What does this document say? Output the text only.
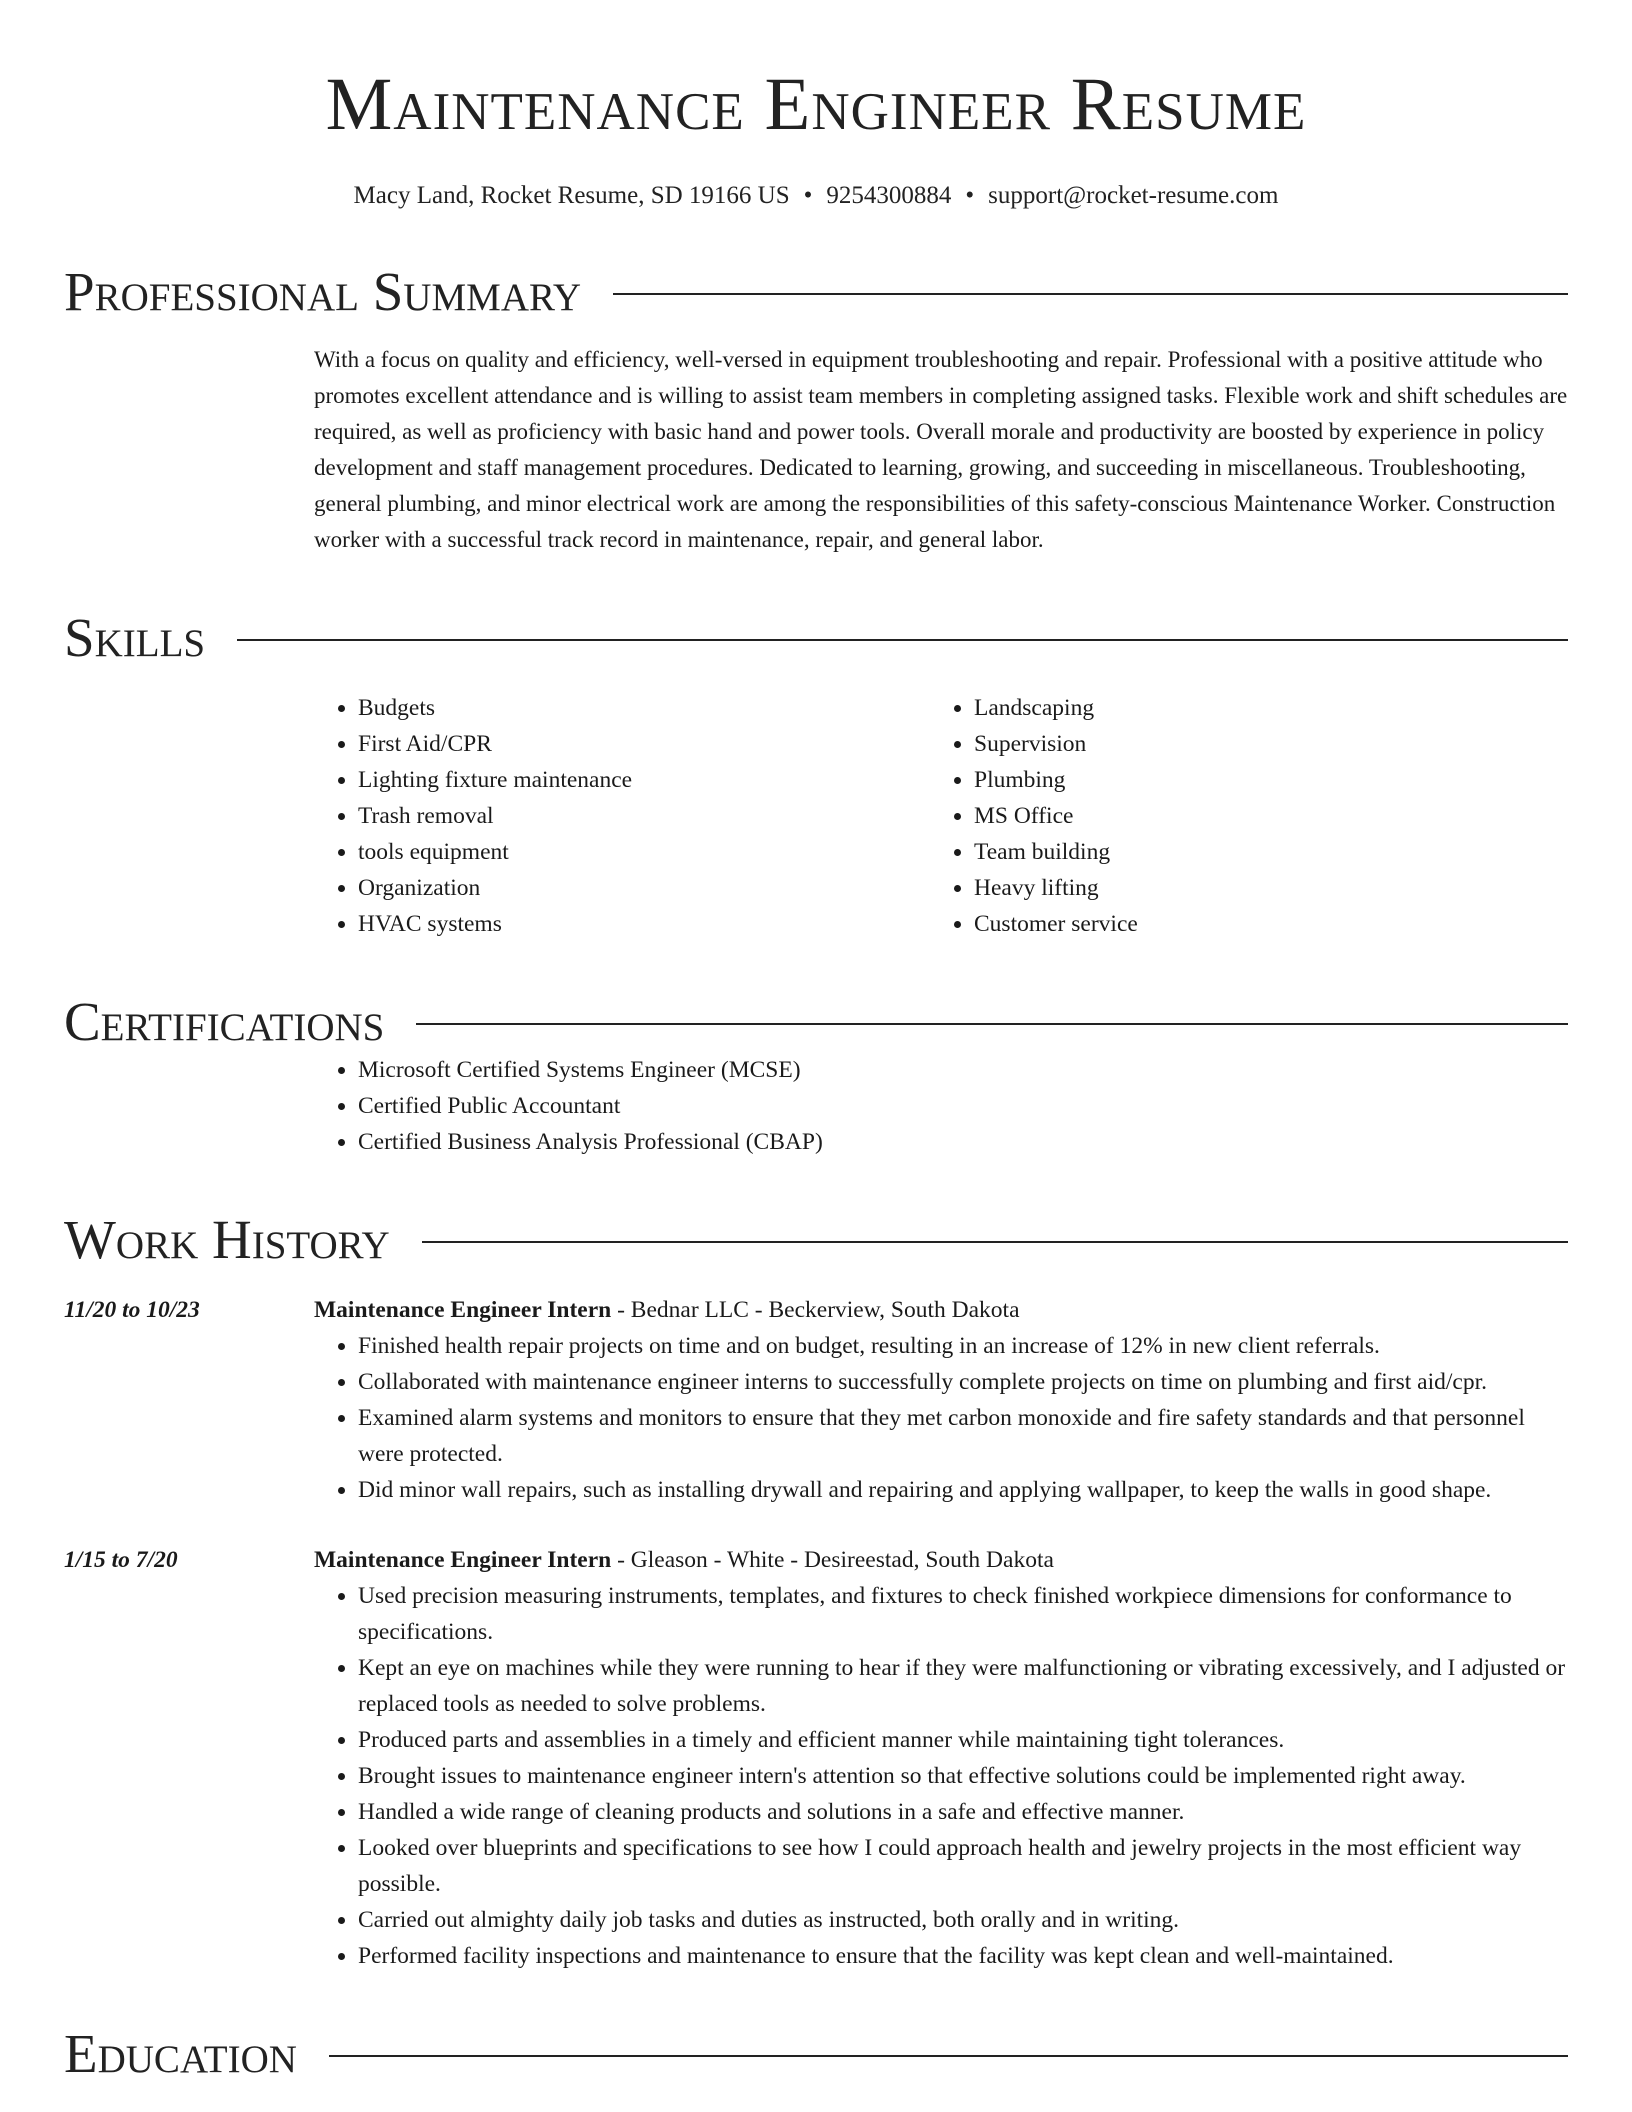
Maintenance Engineer Resume
Macy Land, Rocket Resume, SD 19166 US • 9254300884 • support@rocket-resume.com
Professional Summary

With a focus on quality and efficiency, well-versed in equipment troubleshooting and repair. Professional with a positive attitude who promotes excellent attendance and is willing to assist team members in completing assigned tasks. Flexible work and shift schedules are required, as well as proficiency with basic hand and power tools. Overall morale and productivity are boosted by experience in policy development and staff management procedures. Dedicated to learning, growing, and succeeding in miscellaneous. Troubleshooting, general plumbing, and minor electrical work are among the responsibilities of this safety-conscious Maintenance Worker. Construction worker with a successful track record in maintenance, repair, and general labor.

Skills
• Budgets
• First Aid/CPR
• Lighting fixture maintenance
• Trash removal
• tools equipment
• Organization
• HVAC systems
• Landscaping
• Supervision
• Plumbing
• MS Office
• Team building
• Heavy lifting
• Customer service
Certifications
• Microsoft Certified Systems Engineer (MCSE)
• Certified Public Accountant
• Certified Business Analysis Professional (CBAP)
Work History
11/20 to 10/23	Maintenance Engineer Intern - Bednar LLC - Beckerview, South Dakota
• Finished health repair projects on time and on budget, resulting in an increase of 12% in new client referrals.
• Collaborated with maintenance engineer interns to successfully complete projects on time on plumbing and first aid/cpr.
• Examined alarm systems and monitors to ensure that they met carbon monoxide and fire safety standards and that personnel were protected.
• Did minor wall repairs, such as installing drywall and repairing and applying wallpaper, to keep the walls in good shape.
1/15 to 7/20	Maintenance Engineer Intern - Gleason - White - Desireestad, South Dakota
• Used precision measuring instruments, templates, and fixtures to check finished workpiece dimensions for conformance to specifications.
• Kept an eye on machines while they were running to hear if they were malfunctioning or vibrating excessively, and I adjusted or replaced tools as needed to solve problems.
• Produced parts and assemblies in a timely and efficient manner while maintaining tight tolerances.
• Brought issues to maintenance engineer intern's attention so that effective solutions could be implemented right away.
• Handled a wide range of cleaning products and solutions in a safe and effective manner.
• Looked over blueprints and specifications to see how I could approach health and jewelry projects in the most efficient way possible.
• Carried out almighty daily job tasks and duties as instructed, both orally and in writing.
• Performed facility inspections and maintenance to ensure that the facility was kept clean and well-maintained.
Education
